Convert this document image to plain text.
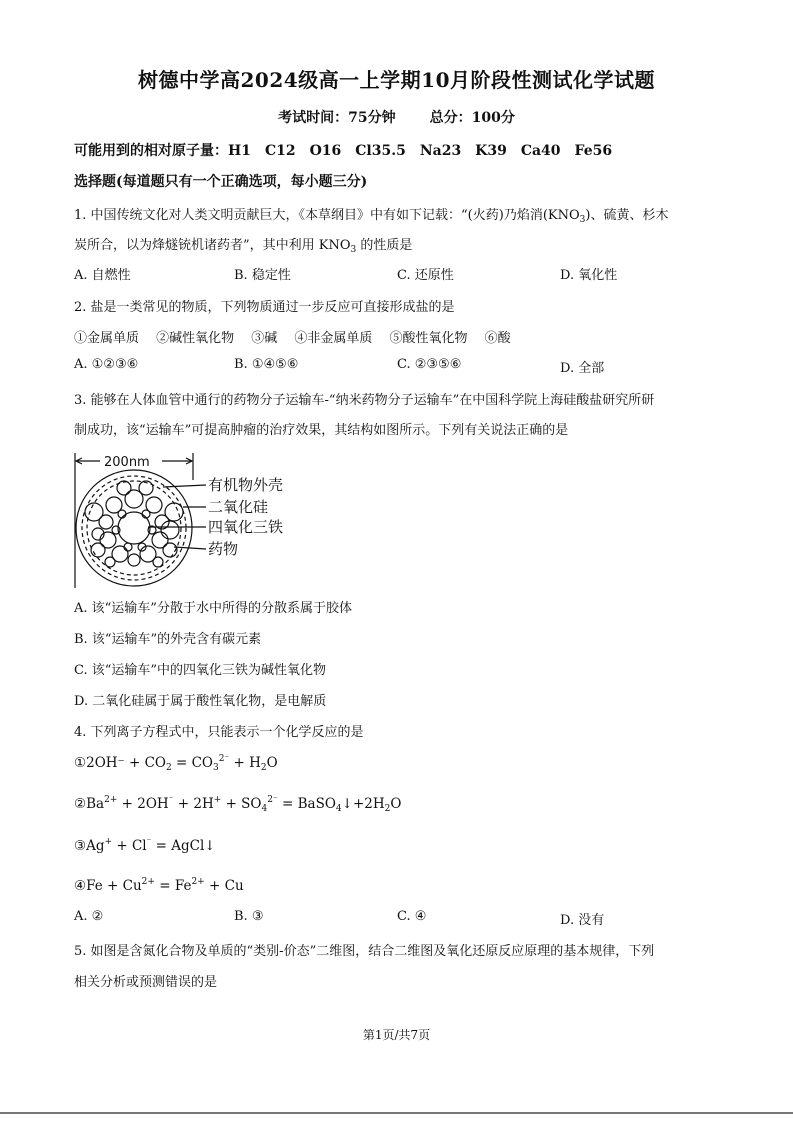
树德中学高2024级高一上学期10月阶段性测试化学试题
考试时间：75分钟 总分：100分
可能用到的相对原子量：H1　C12　O16　Cl35.5　Na23　K39　Ca40　Fe56
选择题(每道题只有一个正确选项，每小题三分)
1. 中国传统文化对人类文明贡献巨大，《本草纲目》中有如下记载：“(火药)乃焰消$(KNO_3)$、硫黄、杉木
炭所合，以为烽燧铳机诸药者”，其中利用 $KNO_3$ 的性质是
A. 自燃性	B. 稳定性	C. 还原性	D. 氧化性
2. 盐是一类常见的物质，下列物质通过一步反应可直接形成盐的是
①金属单质　 ②碱性氧化物　 ③碱　 ④非金属单质　 ⑤酸性氧化物　 ⑥酸
A. ①②③⑥	B. ①④⑤⑥	C. ②③⑤⑥	D. 全部
3. 能够在人体血管中通行的药物分子运输车-“纳米药物分子运输车”在中国科学院上海硅酸盐研究所研
制成功，该“运输车”可提高肿瘤的治疗效果，其结构如图所示。下列有关说法正确的是
200nm
有机物外壳
二氧化硅
四氧化三铁
药物
A. 该“运输车”分散于水中所得的分散系属于胶体
B. 该“运输车”的外壳含有碳元素
C. 该“运输车”中的四氧化三铁为碱性氧化物
D. 二氧化硅属于属于酸性氧化物，是电解质
4. 下列离子方程式中，只能表示一个化学反应的是
①2OH⁻ + $CO_2 = CO_3^{2^-} + H_2O$
$②Ba^{2+} + 2OH^{^-} + 2H^+ + SO_4^{2^-}$ = $BaSO_4↓+2H_2O$
③Ag+ + Cl⁻ = AgCl↓
④Fe + $Cu^{2+} = Fe^{2+} + Cu$
A. ②	B. ③	C. ④	D. 没有
5. 如图是含氮化合物及单质的“类别-价态”二维图，结合二维图及氧化还原反应原理的基本规律，下列
相关分析或预测错误的是
第1页/共7页
